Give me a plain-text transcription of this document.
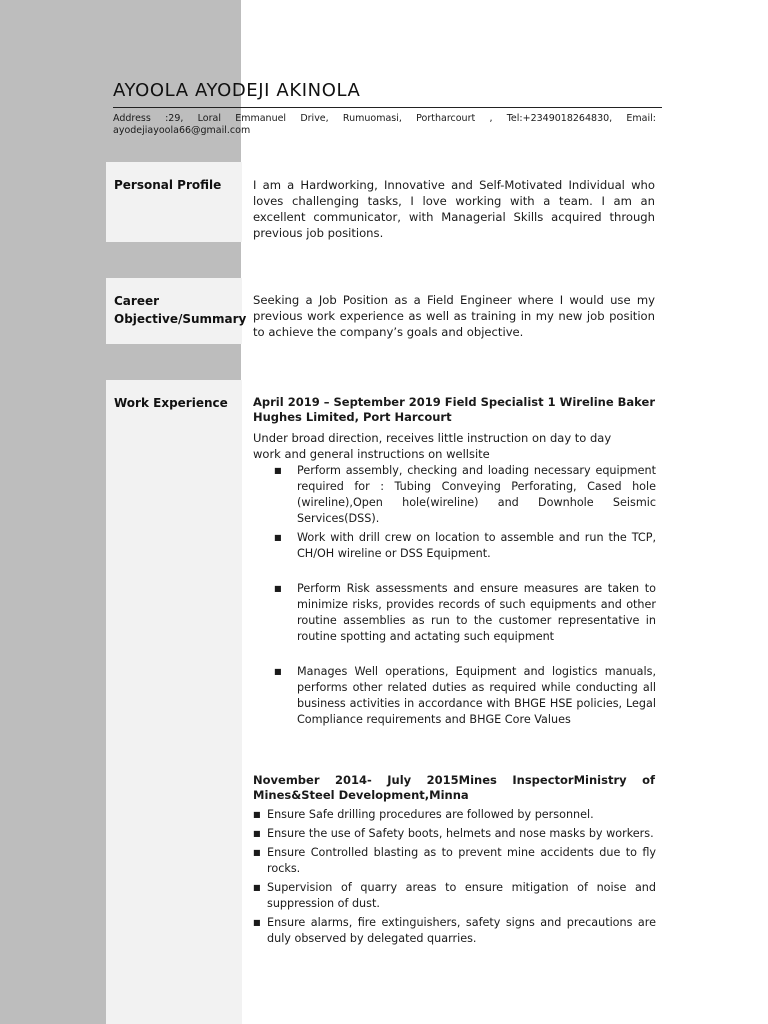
AYOOLA AYODEJI AKINOLA
Address :29, Loral Emmanuel Drive, Rumuomasi, Portharcourt , Tel:+2349018264830, Email: ayodejiayoola66@gmail.com
Personal Profile	I am a Hardworking, Innovative and Self-Motivated Individual who loves challenging tasks, I love working with a team. I am an excellent communicator, with Managerial Skills acquired through previous job positions.
Career
Objective/Summary
Seeking a Job Position as a Field Engineer where I would use my previous work experience as well as training in my new job position to achieve the company’s goals and objective.
Work Experience	April 2019 – September 2019 Field Specialist 1 Wireline Baker Hughes Limited, Port Harcourt
Under broad direction, receives little instruction on day to day work and general instructions on wellsite
■ Perform assembly, checking and loading necessary equipment required for : Tubing Conveying Perforating, Cased hole (wireline),Open hole(wireline) and Downhole Seismic Services(DSS).
■ Work with drill crew on location to assemble and run the TCP, CH/OH wireline or DSS Equipment.
■ Perform Risk assessments and ensure measures are taken to minimize risks, provides records of such equipments and other routine assemblies as run to the customer representative in routine spotting and actating such equipment
■ Manages Well operations, Equipment and logistics manuals, performs other related duties as required while conducting all business activities in accordance with BHGE HSE policies, Legal Compliance requirements and BHGE Core Values
November 2014- July 2015Mines InspectorMinistry of Mines&Steel Development,Minna
■ Ensure Safe drilling procedures are followed by personnel.
■ Ensure the use of Safety boots, helmets and nose masks by workers.
■ Ensure Controlled blasting as to prevent mine accidents due to fly rocks.
■ Supervision of quarry areas to ensure mitigation of noise and suppression of dust.
■ Ensure alarms, fire extinguishers, safety signs and precautions are duly observed by delegated quarries.
